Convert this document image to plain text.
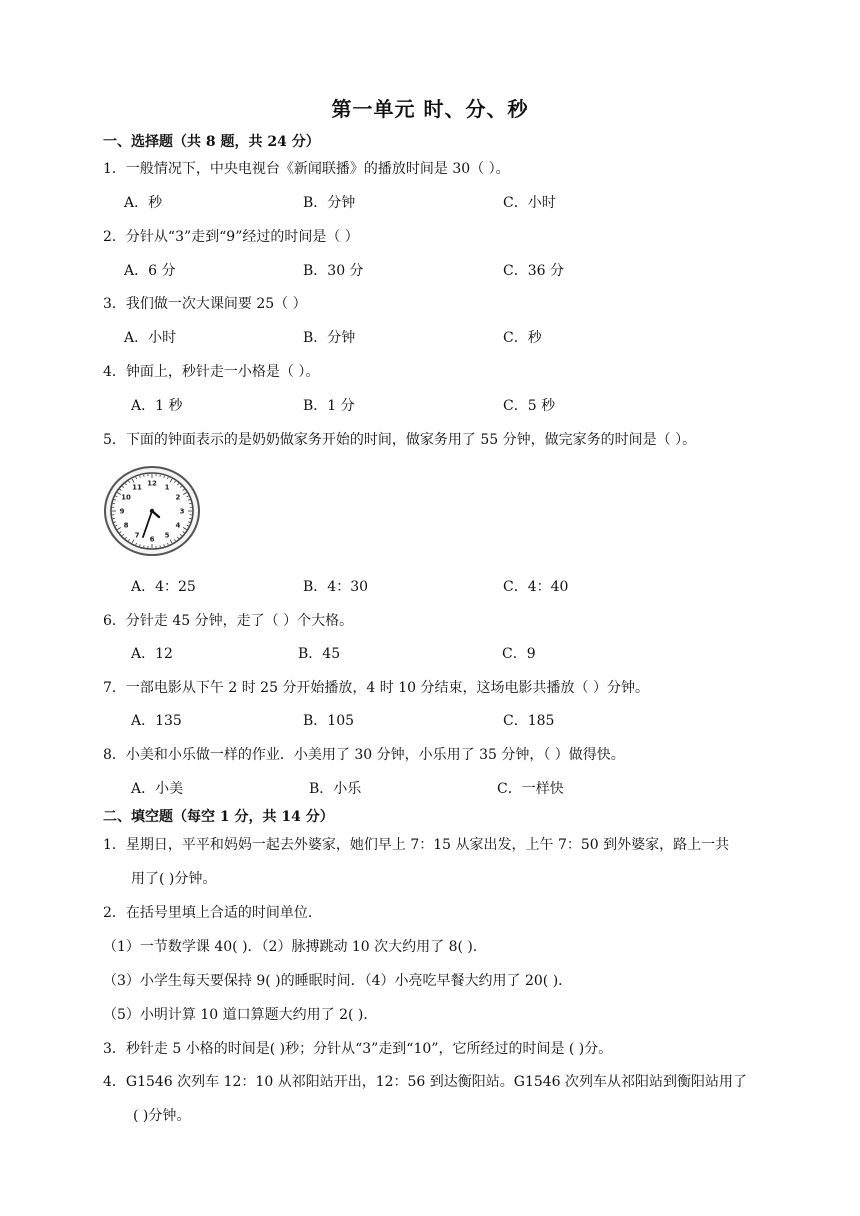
第一单元 时、分、秒
一、选择题（共 8 题，共 24 分）
1．一般情况下，中央电视台《新闻联播》的播放时间是 30（ ）。
A．秒	B．分钟	C．小时
2．分针从“3”走到“9”经过的时间是（ ）
A．6 分	B．30 分	C．36 分
3．我们做一次大课间要 25（ ）
A．小时	B．分钟	C．秒
4．钟面上，秒针走一小格是（ ）。
A．1 秒	B．1 分	C．5 秒
5．下面的钟面表示的是奶奶做家务开始的时间，做家务用了 55 分钟，做完家务的时间是（ ）。
12 1
2
3
4
5
6
7
8
9
10
11
A．4：25	B．4：30	C．4：40
6．分针走 45 分钟，走了（ ）个大格。
A．12	B．45	C．9
7．一部电影从下午 2 时 25 分开始播放，4 时 10 分结束，这场电影共播放（ ）分钟。
A．135	B．105	C．185
8．小美和小乐做一样的作业．小美用了 30 分钟，小乐用了 35 分钟，（ ）做得快。
A．小美	B．小乐	C．一样快
二、填空题（每空 1 分，共 14 分）
1．星期日，平平和妈妈一起去外婆家，她们早上 7：15 从家出发，上午 7：50 到外婆家，路上一共
用了( )分钟。
2．在括号里填上合适的时间单位．
（1）一节数学课 40( )．（2）脉搏跳动 10 次大约用了 8( )．
（3）小学生每天要保持 9( )的睡眠时间．（4）小亮吃早餐大约用了 20( )．
（5）小明计算 10 道口算题大约用了 2( )．
3．秒针走 5 小格的时间是( )秒；分针从“3”走到“10”，它所经过的时间是 ( )分。
4．G1546 次列车 12：10 从祁阳站开出，12：56 到达衡阳站。G1546 次列车从祁阳站到衡阳站用了
( )分钟。
